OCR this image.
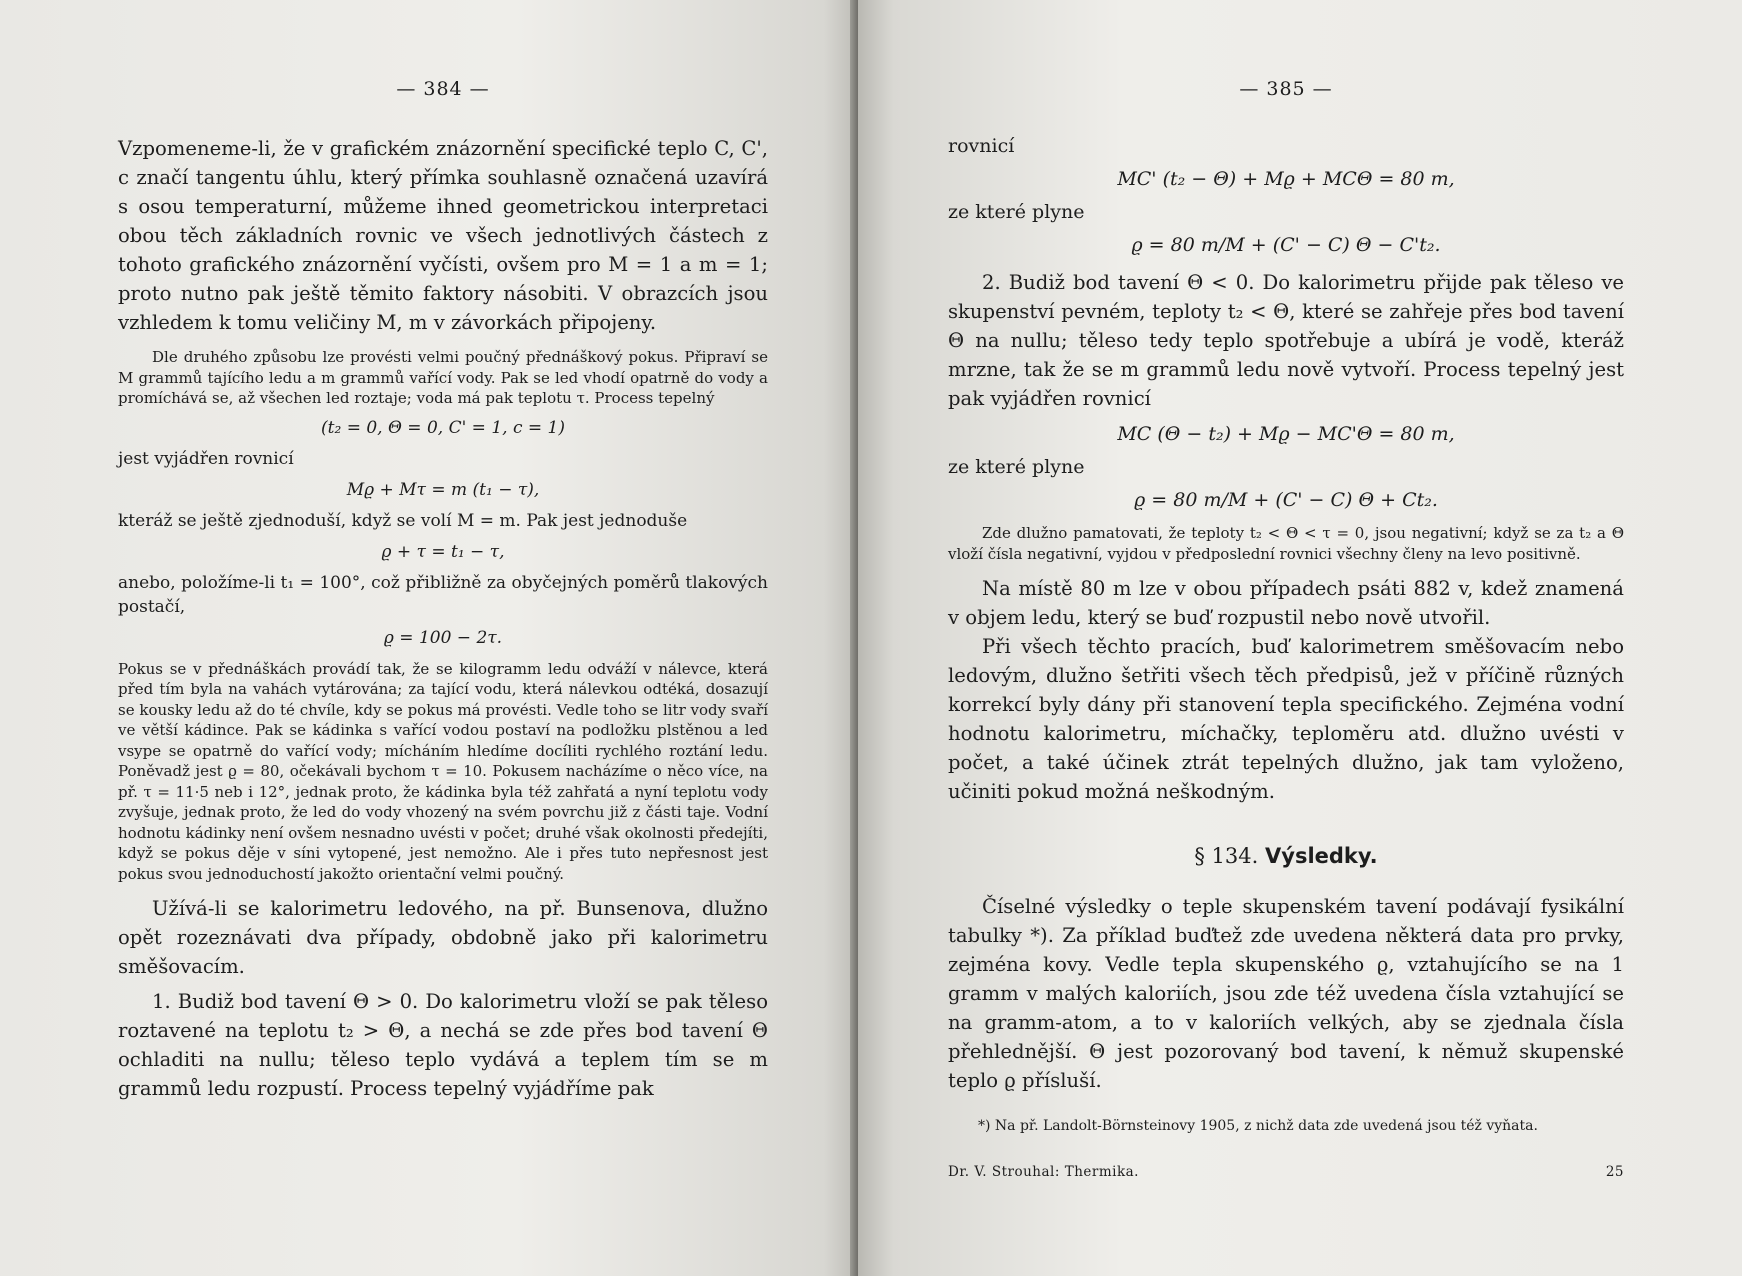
— 384 —

Vzpomeneme-li, že v grafickém znázornění specifické teplo C, C', c značí tangentu úhlu, který přímka souhlasně označená uzavírá s osou temperaturní, můžeme ihned geometrickou interpretaci obou těch základních rovnic ve všech jednotlivých částech z tohoto grafického znázornění vyčísti, ovšem pro M = 1 a m = 1; proto nutno pak ještě těmito faktory násobiti. V obrazcích jsou vzhledem k tomu veličiny M, m v závorkách připojeny.

Dle druhého způsobu lze provésti velmi poučný přednáškový pokus. Připraví se M grammů tajícího ledu a m grammů vařící vody. Pak se led vhodí opatrně do vody a promíchává se, až všechen led roztaje; voda má pak teplotu τ. Process tepelný

(t₂ = 0, Θ = 0, C' = 1, c = 1)

jest vyjádřen rovnicí

Mϱ + Mτ = m (t₁ − τ),

kteráž se ještě zjednoduší, když se volí M = m. Pak jest jednoduše

ϱ + τ = t₁ − τ,

anebo, položíme-li t₁ = 100°, což přibližně za obyčejných poměrů tlakových postačí,

ϱ = 100 − 2τ.

Pokus se v přednáškách provádí tak, že se kilogramm ledu odváží v nálevce, která před tím byla na vahách vytárována; za tající vodu, která nálevkou odtéká, dosazují se kousky ledu až do té chvíle, kdy se pokus má provésti. Vedle toho se litr vody svaří ve větší kádince. Pak se kádinka s vařící vodou postaví na podložku plstěnou a led vsype se opatrně do vařící vody; mícháním hledíme docíliti rychlého roztání ledu. Poněvadž jest ϱ = 80, očekávali bychom τ = 10. Pokusem nacházíme o něco více, na př. τ = 11·5 neb i 12°, jednak proto, že kádinka byla též zahřatá a nyní teplotu vody zvyšuje, jednak proto, že led do vody vhozený na svém povrchu již z části taje. Vodní hodnotu kádinky není ovšem nesnadno uvésti v počet; druhé však okolnosti předejíti, když se pokus děje v síni vytopené, jest nemožno. Ale i přes tuto nepřesnost jest pokus svou jednoduchostí jakožto orientační velmi poučný.

Užívá-li se kalorimetru ledového, na př. Bunsenova, dlužno opět rozeznávati dva případy, obdobně jako při kalorimetru směšovacím.

1. Budiž bod tavení Θ > 0. Do kalorimetru vloží se pak těleso roztavené na teplotu t₂ > Θ, a nechá se zde přes bod tavení Θ ochladiti na nullu; těleso teplo vydává a teplem tím se m grammů ledu rozpustí. Process tepelný vyjádříme pak

— 385 —

rovnicí

MC' (t₂ − Θ) + Mϱ + MCΘ = 80 m,

ze které plyne

ϱ = 80 m/M + (C' − C) Θ − C't₂.

2. Budiž bod tavení Θ < 0. Do kalorimetru přijde pak těleso ve skupenství pevném, teploty t₂ < Θ, které se zahřeje přes bod tavení Θ na nullu; těleso tedy teplo spotřebuje a ubírá je vodě, kteráž mrzne, tak že se m grammů ledu nově vytvoří. Process tepelný jest pak vyjádřen rovnicí

MC (Θ − t₂) + Mϱ − MC'Θ = 80 m,

ze které plyne

ϱ = 80 m/M + (C' − C) Θ + Ct₂.

Zde dlužno pamatovati, že teploty t₂ < Θ < τ = 0, jsou negativní; když se za t₂ a Θ vloží čísla negativní, vyjdou v předposlední rovnici všechny členy na levo positivně.

Na místě 80 m lze v obou případech psáti 882 v, kdež znamená v objem ledu, který se buď rozpustil nebo nově utvořil.

Při všech těchto pracích, buď kalorimetrem směšovacím nebo ledovým, dlužno šetřiti všech těch předpisů, jež v příčině různých korrekcí byly dány při stanovení tepla specifického. Zejména vodní hodnotu kalorimetru, míchačky, teploměru atd. dlužno uvésti v počet, a také účinek ztrát tepelných dlužno, jak tam vyloženo, učiniti pokud možná neškodným.

§ 134. Výsledky.

Číselné výsledky o teple skupenském tavení podávají fysikální tabulky *). Za příklad buďtež zde uvedena některá data pro prvky, zejména kovy. Vedle tepla skupenského ϱ, vztahujícího se na 1 gramm v malých kaloriích, jsou zde též uvedena čísla vztahující se na gramm-atom, a to v kaloriích velkých, aby se zjednala čísla přehlednější. Θ jest pozorovaný bod tavení, k němuž skupenské teplo ϱ přísluší.

*) Na př. Landolt-Börnsteinovy 1905, z nichž data zde uvedená jsou též vyňata.

Dr. V. Strouhal: Thermika.	25
